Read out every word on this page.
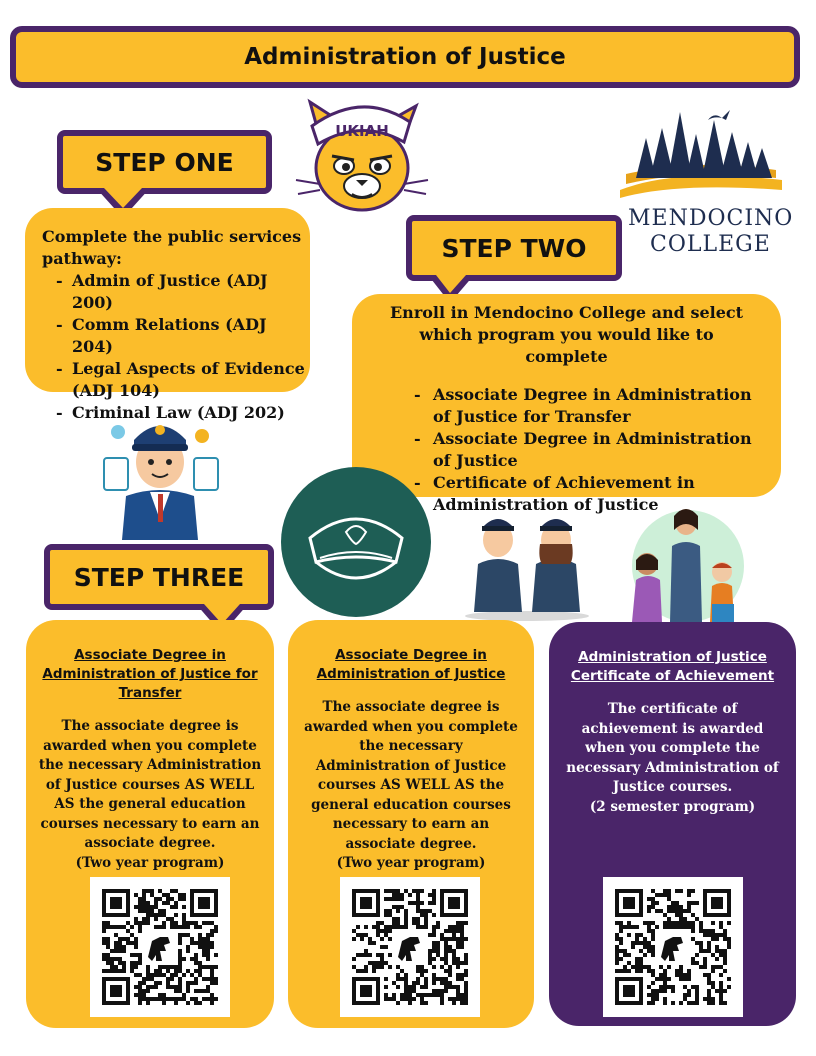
Administration of Justice
STEP ONE
Complete the public services pathway:
- Admin of Justice (ADJ 200)
- Comm Relations (ADJ 204)
- Legal Aspects of Evidence (ADJ 104)
- Criminal Law (ADJ 202)
UKIAH
MENDOCINO
COLLEGE
STEP TWO
Enroll in Mendocino College and select which program you would like to complete
- Associate Degree in Administration of Justice for Transfer
- Associate Degree in Administration of Justice
- Certificate of Achievement in Administration of Justice
STEP THREE
Associate Degree in Administration of Justice for Transfer

The associate degree is awarded when you complete the necessary Administration of Justice courses AS WELL AS the general education courses necessary to earn an associate degree.
(Two year program)

Associate Degree in Administration of Justice

The associate degree is awarded when you complete the necessary Administration of Justice courses AS WELL AS the general education courses necessary to earn an associate degree.
(Two year program)

Administration of Justice Certificate of Achievement

The certificate of achievement is awarded when you complete the necessary Administration of Justice courses.
(2 semester program)
